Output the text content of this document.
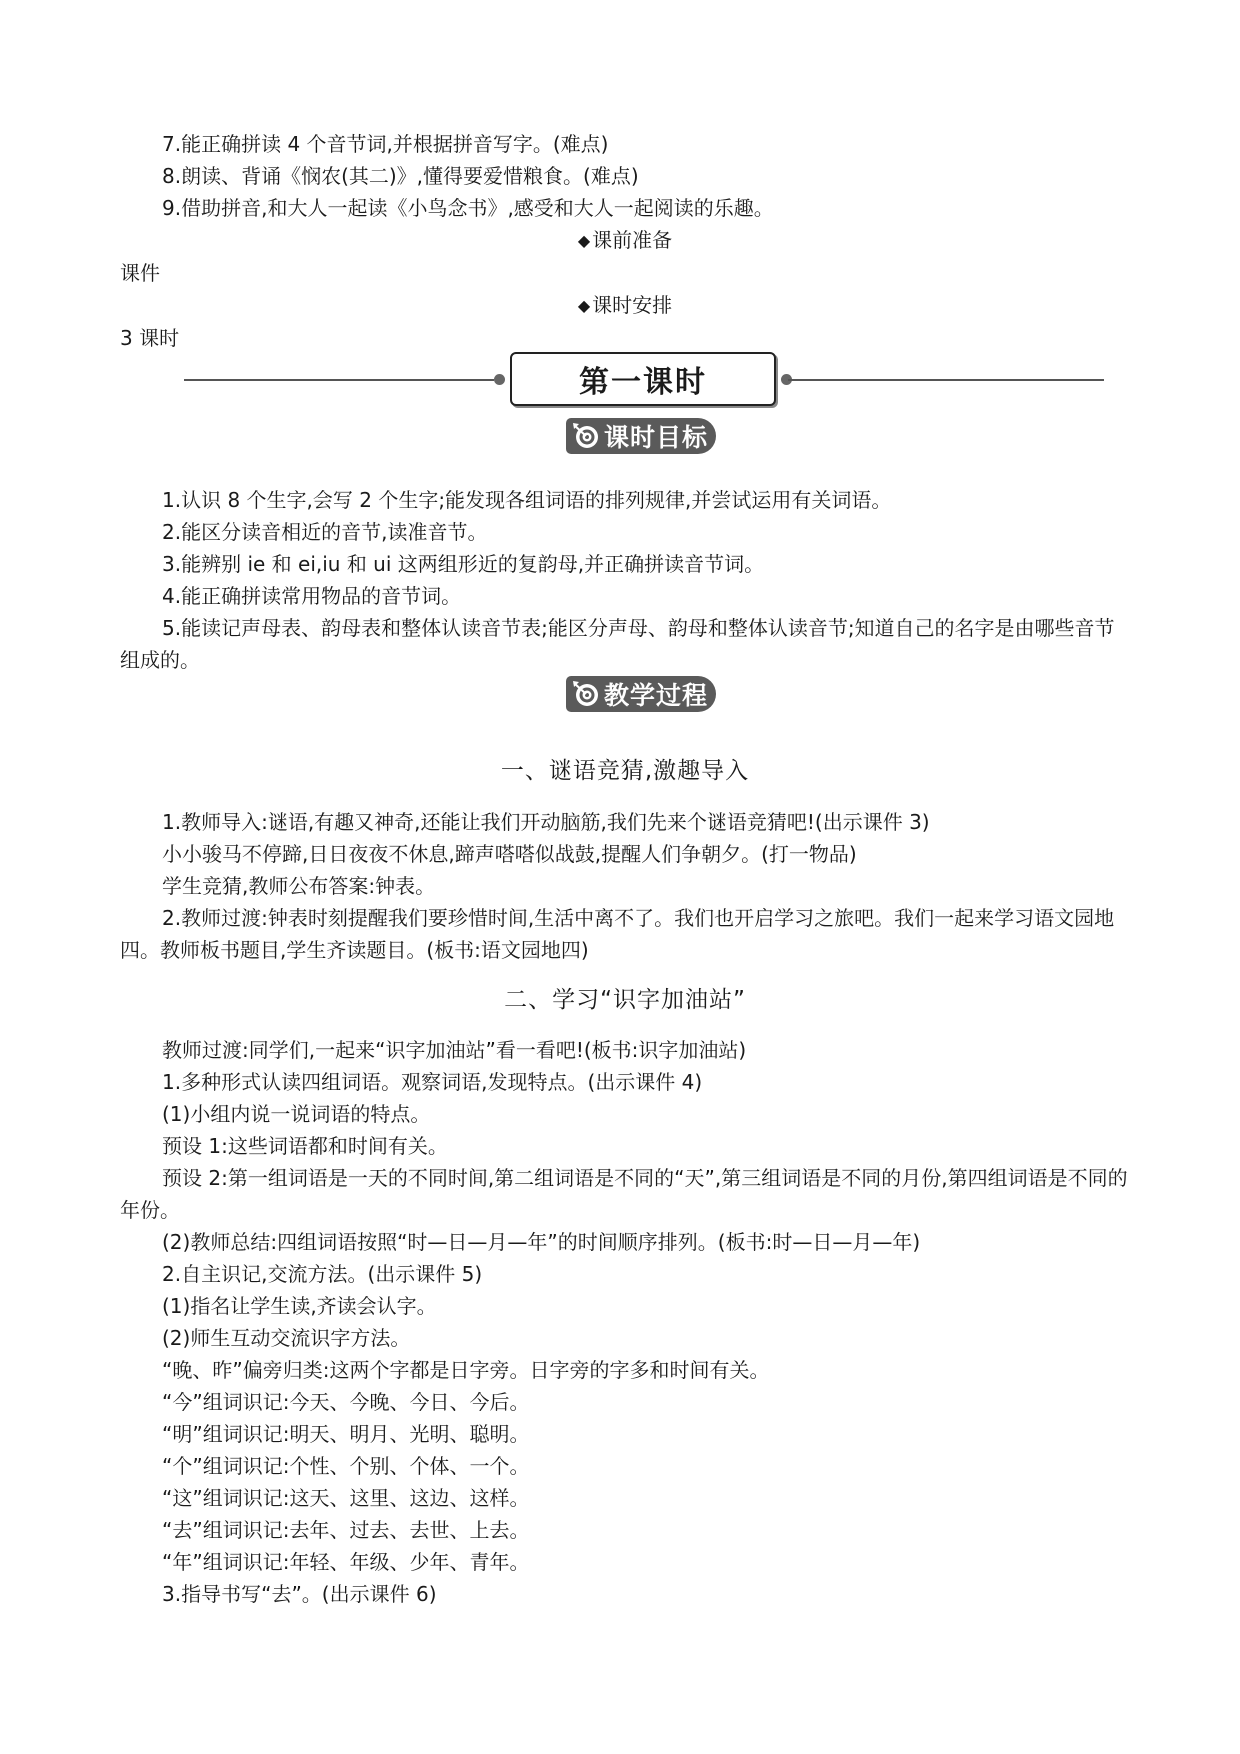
7.能正确拼读 4 个音节词,并根据拼音写字。(难点)

8.朗读、背诵《悯农(其二)》,懂得要爱惜粮食。(难点)

9.借助拼音,和大人一起读《小鸟念书》,感受和大人一起阅读的乐趣。

◆ 课前准备

课件

◆ 课时安排

3 课时

第一课时
课时目标

1.认识 8 个生字,会写 2 个生字;能发现各组词语的排列规律,并尝试运用有关词语。

2.能区分读音相近的音节,读准音节。

3.能辨别 ie 和 ei,iu 和 ui 这两组形近的复韵母,并正确拼读音节词。

4.能正确拼读常用物品的音节词。

5.能读记声母表、韵母表和整体认读音节表;能区分声母、韵母和整体认读音节;知道自己的名字是由哪些音节组成的。

教学过程
一、谜语竞猜,激趣导入

1.教师导入:谜语,有趣又神奇,还能让我们开动脑筋,我们先来个谜语竞猜吧!(出示课件 3)

小小骏马不停蹄,日日夜夜不休息,蹄声嗒嗒似战鼓,提醒人们争朝夕。(打一物品)

学生竞猜,教师公布答案:钟表。

2.教师过渡:钟表时刻提醒我们要珍惜时间,生活中离不了。我们也开启学习之旅吧。我们一起来学习语文园地四。教师板书题目,学生齐读题目。(板书:语文园地四)

二、学习“识字加油站”

教师过渡:同学们,一起来“识字加油站”看一看吧!(板书:识字加油站)

1.多种形式认读四组词语。观察词语,发现特点。(出示课件 4)

(1)小组内说一说词语的特点。

预设 1:这些词语都和时间有关。

预设 2:第一组词语是一天的不同时间,第二组词语是不同的“天”,第三组词语是不同的月份,第四组词语是不同的年份。

(2)教师总结:四组词语按照“时—日—月—年”的时间顺序排列。(板书:时—日—月—年)

2.自主识记,交流方法。(出示课件 5)

(1)指名让学生读,齐读会认字。

(2)师生互动交流识字方法。

“晚、昨”偏旁归类:这两个字都是日字旁。日字旁的字多和时间有关。

“今”组词识记:今天、今晚、今日、今后。

“明”组词识记:明天、明月、光明、聪明。

“个”组词识记:个性、个别、个体、一个。

“这”组词识记:这天、这里、这边、这样。

“去”组词识记:去年、过去、去世、上去。

“年”组词识记:年轻、年级、少年、青年。

3.指导书写“去”。(出示课件 6)
